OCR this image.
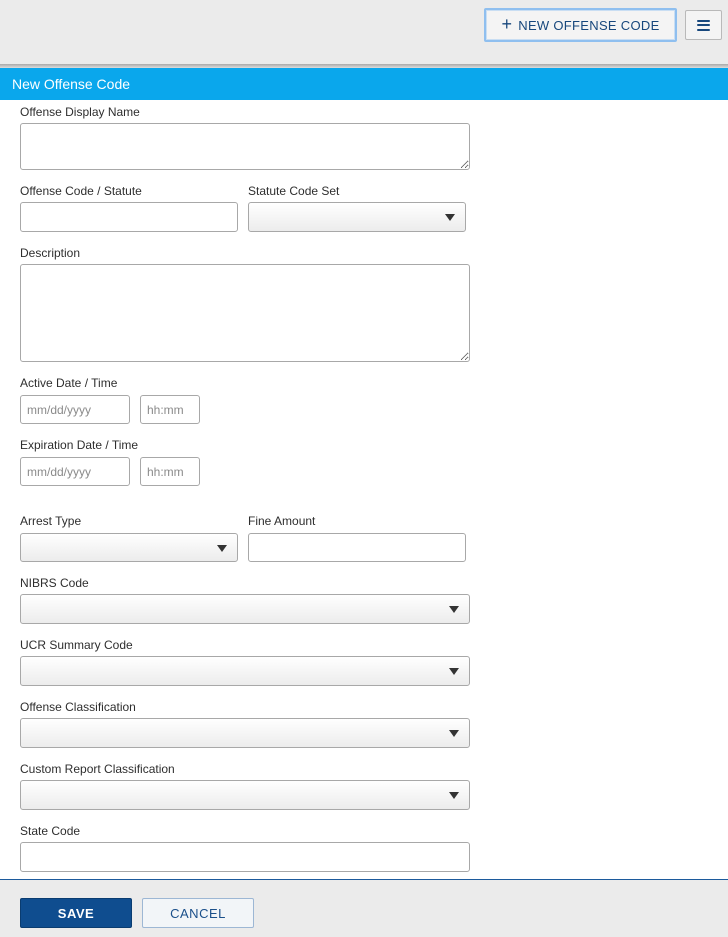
+ NEW OFFENSE CODE
New Offense Code
Offense Display Name
Offense Code / Statute	Statute Code Set
Description
Active Date / Time
mm/dd/yyyy	hh:mm
Expiration Date / Time
mm/dd/yyyy	hh:mm
Arrest Type	Fine Amount
NIBRS Code
UCR Summary Code
Offense Classification
Custom Report Classification
State Code
SAVE	CANCEL
